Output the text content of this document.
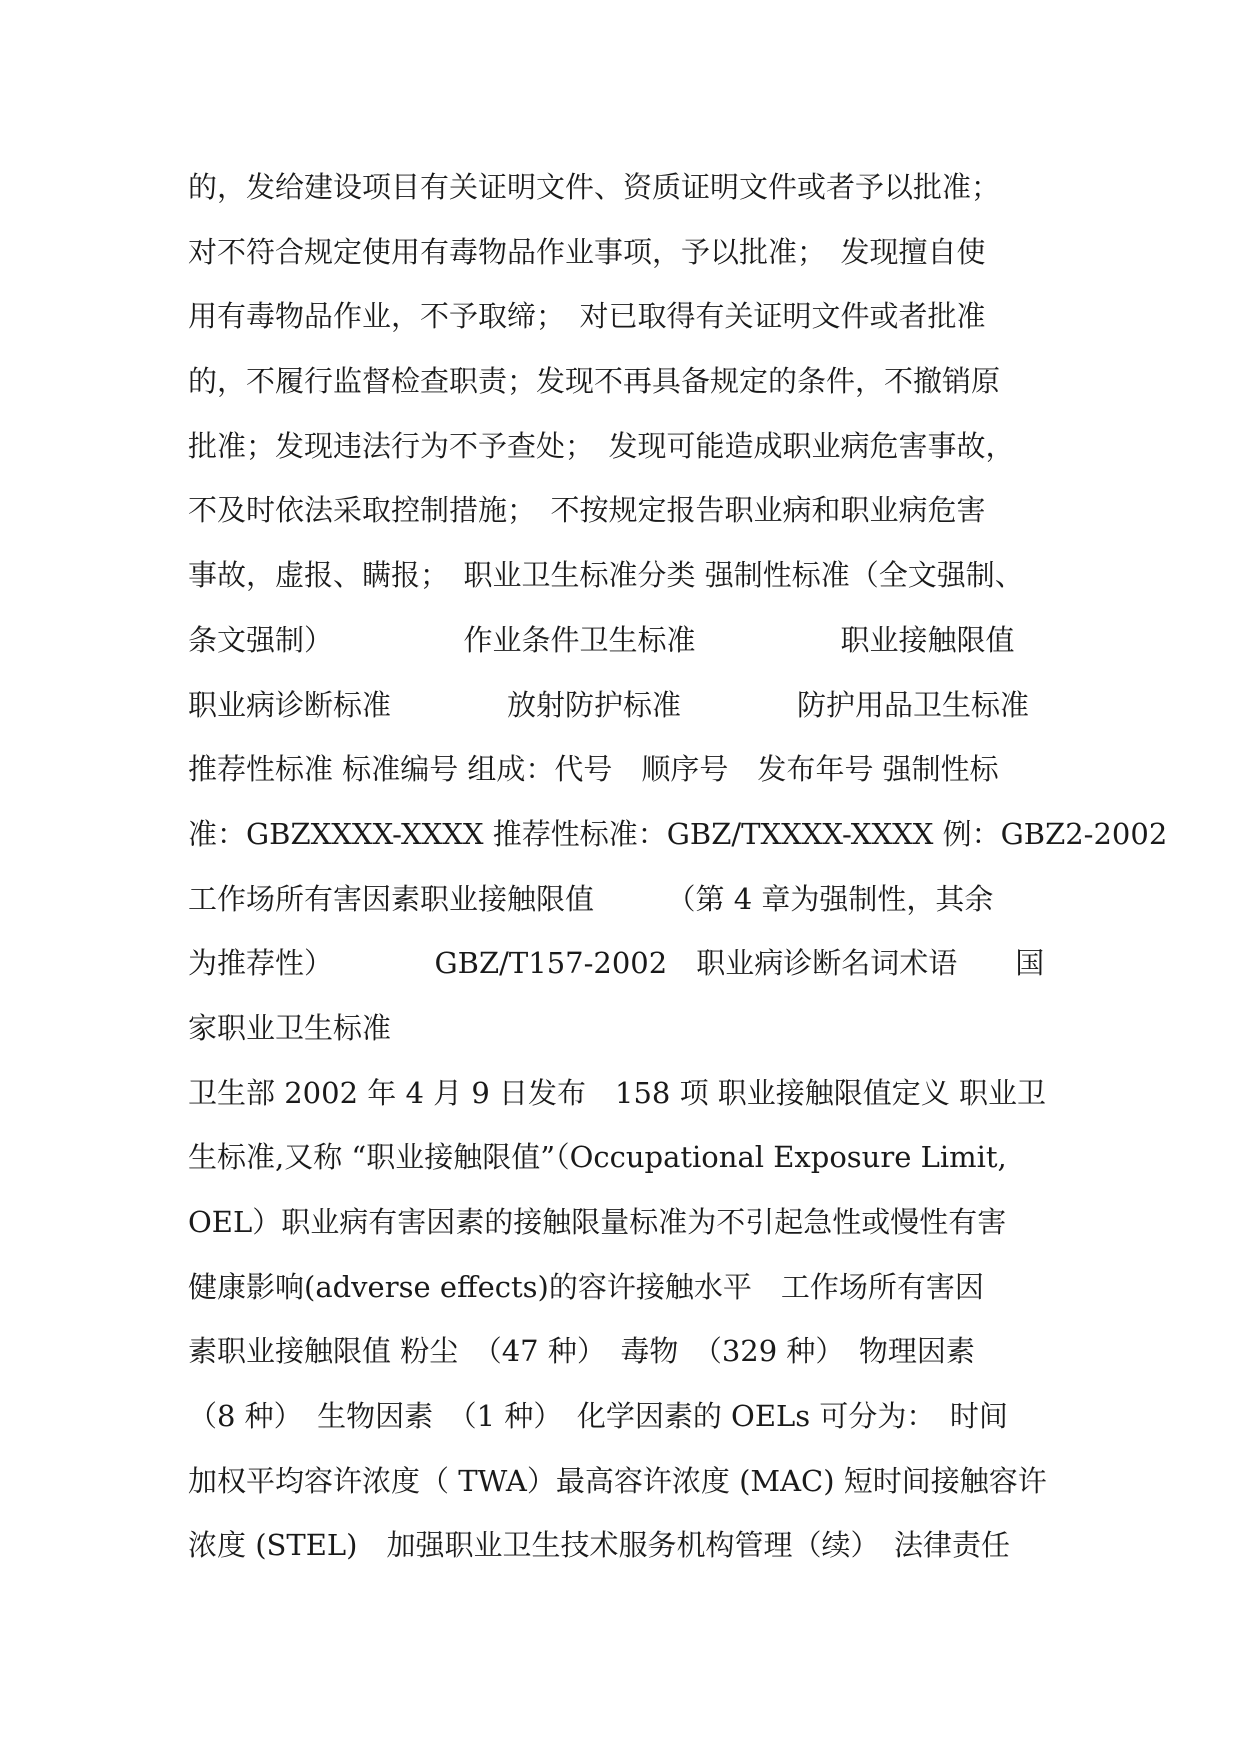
的，发给建设项目有关证明文件、资质证明文件或者予以批准；
对不符合规定使用有毒物品作业事项，予以批准；　发现擅自使
用有毒物品作业，不予取缔；　对已取得有关证明文件或者批准
的，不履行监督检查职责；发现不再具备规定的条件，不撤销原
批准；发现违法行为不予查处；　发现可能造成职业病危害事故，
不及时依法采取控制措施；　不按规定报告职业病和职业病危害
事故，虚报、瞒报；　职业卫生标准分类 强制性标准（全文强制、
条文强制）　　　　　作业条件卫生标准　　　　　职业接触限值
职业病诊断标准　　　　放射防护标准　　　　防护用品卫生标准
推荐性标准 标准编号 组成：代号　顺序号　发布年号 强制性标
准：GBZXXXX-XXXX 推荐性标准：GBZ/TXXXX-XXXX 例：GBZ2-2002
工作场所有害因素职业接触限值　　　（第 4 章为强制性，其余
为推荐性）　　　　GBZ/T157-2002　职业病诊断名词术语　　国
家职业卫生标准
卫生部 2002 年 4 月 9 日发布　158 项 职业接触限值定义 职业卫
生标准,又称 “职业接触限值”（Occupational Exposure Limit,
OEL）职业病有害因素的接触限量标准为不引起急性或慢性有害
健康影响(adverse effects)的容许接触水平　工作场所有害因
素职业接触限值 粉尘　（47 种）　毒物　（329 种）　物理因素
（8 种）　生物因素　（1 种）　化学因素的 OELs 可分为：　时间
加权平均容许浓度（ TWA）最高容许浓度 (MAC) 短时间接触容许
浓度 (STEL)　加强职业卫生技术服务机构管理（续）　法律责任
